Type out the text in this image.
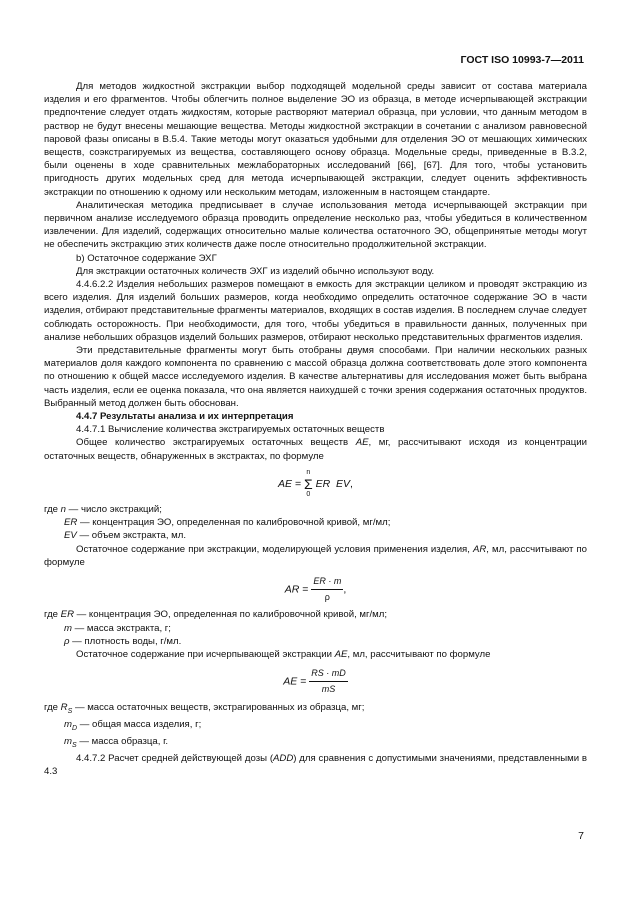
ГОСТ ISO 10993-7—2011

Для методов жидкостной экстракции выбор подходящей модельной среды зависит от состава материала изделия и его фрагментов. Чтобы облегчить полное выделение ЭО из образца, в методе исчерпывающей экстракции предпочтение следует отдать жидкостям, которые растворяют материал образца, при условии, что данным методом в раствор не будут внесены мешающие вещества. Методы жидкостной экстракции в сочетании с анализом равновесной паровой фазы описаны в В.5.4. Такие методы могут оказаться удобными для отделения ЭО от мешающих химических веществ, соэкстрагируемых из вещества, составляющего основу образца. Модельные среды, приведенные в В.3.2, были оценены в ходе сравнительных межлабораторных исследований [66], [67]. Для того, чтобы установить пригодность других модельных сред для метода исчерпывающей экстракции, следует оценить эффективность экстракции по отношению к одному или нескольким методам, изложенным в настоящем стандарте.

Аналитическая методика предписывает в случае использования метода исчерпывающей экстракции при первичном анализе исследуемого образца проводить определение несколько раз, чтобы убедиться в количественном извлечении. Для изделий, содержащих относительно малые количества остаточного ЭО, общепринятые методы могут не обеспечить экстракцию этих количеств даже после относительно продолжительной экстракции.

b) Остаточное содержание ЭХГ

Для экстракции остаточных количеств ЭХГ из изделий обычно используют воду.

4.4.6.2.2 Изделия небольших размеров помещают в емкость для экстракции целиком и проводят экстракцию из всего изделия. Для изделий больших размеров, когда необходимо определить остаточное содержание ЭО в части изделия, отбирают представительные фрагменты материалов, входящих в состав изделия. В последнем случае следует соблюдать осторожность. При необходимости, для того, чтобы убедиться в правильности данных, полученных при анализе небольших образцов изделий больших размеров, отбирают несколько представительных фрагментов изделия.

Эти представительные фрагменты могут быть отобраны двумя способами. При наличии нескольких разных материалов доля каждого компонента по сравнению с массой образца должна соответствовать доле этого компонента по отношению к общей массе исследуемого изделия. В качестве альтернативы для исследования может быть выбрана часть изделия, если ее оценка показала, что она является наихудшей с точки зрения содержания остаточных продуктов. Выбранный метод должен быть обоснован.

4.4.7 Результаты анализа и их интерпретация

4.4.7.1 Вычисление количества экстрагируемых остаточных веществ

Общее количество экстрагируемых остаточных веществ AE, мг, рассчитывают исходя из концентрации остаточных веществ, обнаруженных в экстрактах, по формуле

AE =
n
Σ
0
ER EV,

где n — число экстракций;

ER — концентрация ЭО, определенная по калибровочной кривой, мг/мл;

EV — объем экстракта, мл.

Остаточное содержание при экстракции, моделирующей условия применения изделия, AR, мл, рассчитывают по формуле

AR = $\frac{ER \cdot m}{\rho}$ ,

где ER — концентрация ЭО, определенная по калибровочной кривой, мг/мл;

m — масса экстракта, г;

ρ — плотность воды, г/мл.

Остаточное содержание при исчерпывающей экстракции AE, мл, рассчитывают по формуле

AE = $\frac{RS \cdot mD}{mS}$

где $R_S$ — масса остаточных веществ, экстрагированных из образца, мг;

$m_D$ — общая масса изделия, г;

$m_S$ — масса образца, г.

4.4.7.2 Расчет средней действующей дозы (ADD) для сравнения с допустимыми значениями, представленными в 4.3

7
